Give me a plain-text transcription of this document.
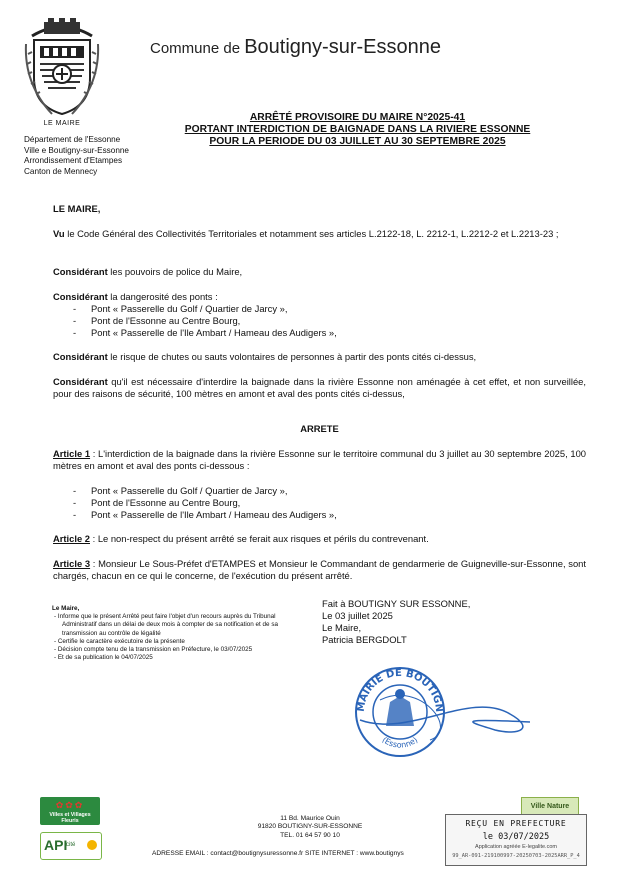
LE MAIRE
Commune de Boutigny-sur-Essonne
Département de l'Essonne
Ville e Boutigny-sur-Essonne
Arrondissement d'Etampes
Canton de Mennecy
ARRÊTÉ PROVISOIRE DU MAIRE N°2025-41
PORTANT INTERDICTION DE BAIGNADE DANS LA RIVIERE ESSONNE
POUR LA PERIODE DU 03 JUILLET AU 30 SEPTEMBRE 2025
LE MAIRE,
Vu le Code Général des Collectivités Territoriales et notamment ses articles L.2122-18, L. 2212-1, L.2212-2 et L.2213-23 ;
Considérant les pouvoirs de police du Maire,
Considérant la dangerosité des ponts :
- Pont « Passerelle du Golf / Quartier de Jarcy »,
- Pont de l'Essonne au Centre Bourg,
- Pont « Passerelle de l'Ile Ambart / Hameau des Audigers »,
Considérant le risque de chutes ou sauts volontaires de personnes à partir des ponts cités ci-dessus,
Considérant qu'il est nécessaire d'interdire la baignade dans la rivière Essonne non aménagée à cet effet, et non surveillée, pour des raisons de sécurité, 100 mètres en amont et aval des ponts cités ci-dessus,
ARRETE
Article 1 : L'interdiction de la baignade dans la rivière Essonne sur le territoire communal du 3 juillet au 30 septembre 2025, 100 mètres en amont et aval des ponts ci-dessous :
- Pont « Passerelle du Golf / Quartier de Jarcy »,
- Pont de l'Essonne au Centre Bourg,
- Pont « Passerelle de l'Ile Ambart / Hameau des Audigers »,
Article 2 : Le non-respect du présent arrêté se ferait aux risques et périls du contrevenant.
Article 3 : Monsieur Le Sous-Préfet d'ETAMPES et Monsieur le Commandant de gendarmerie de Guigneville-sur-Essonne, sont chargés, chacun en ce qui le concerne, de l'exécution du présent arrêté.
Le Maire,
- Informe que le présent Arrêté peut faire l'objet d'un recours auprès du Tribunal Administratif dans un délai de deux mois à compter de sa notification et de sa transmission au contrôle de légalité
- Certifie le caractère exécutoire de la présente
- Décision compte tenu de la transmission en Préfecture, le 03/07/2025
- Et de sa publication le 04/07/2025
Fait à BOUTIGNY SUR ESSONNE,
Le 03 juillet 2025
Le Maire,
Patricia BERGDOLT
MAIRIE DE BOUTIGN
(Essonne)
✿✿✿
Villes et Villages Fleuris
API
cité
11 Bd. Maurice Ouin
91820 BOUTIGNY-SUR-ESSONNE
TEL. 01 64 57 90 10
ADRESSE EMAIL : contact@boutignysuressonne.fr SITE INTERNET : www.boutignys
Ville Nature
REÇU EN PREFECTURE
le 03/07/2025
Application agréée E-legalite.com
99_AR-091-219100997-20250703-2025ARR_P_4
